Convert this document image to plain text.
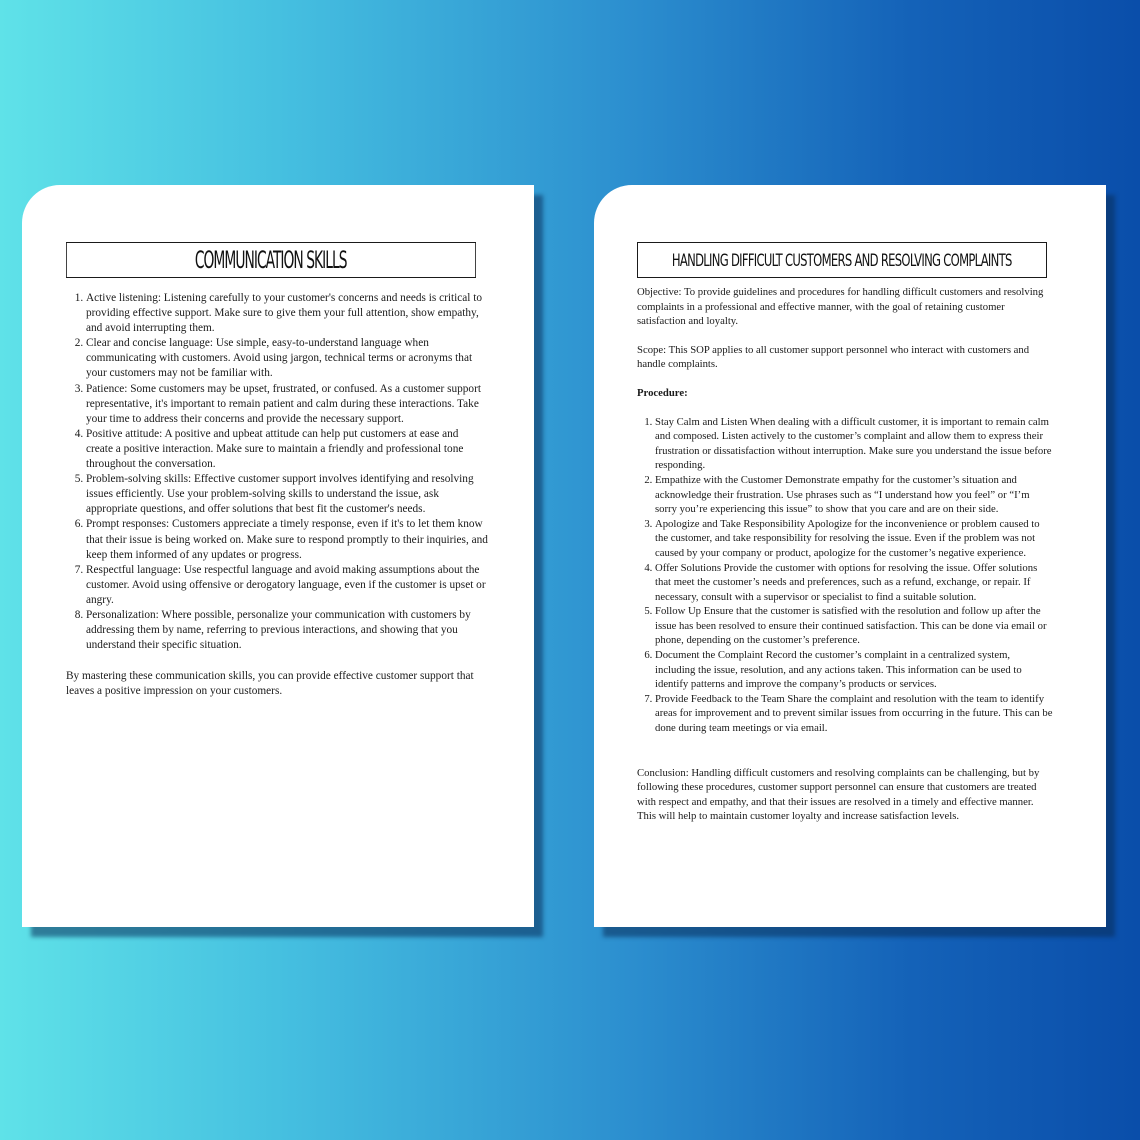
COMMUNICATION SKILLS
1. Active listening: Listening carefully to your customer's concerns and needs is critical to providing effective support. Make sure to give them your full attention, show empathy, and avoid interrupting them.
2. Clear and concise language: Use simple, easy-to-understand language when communicating with customers. Avoid using jargon, technical terms or acronyms that your customers may not be familiar with.
3. Patience: Some customers may be upset, frustrated, or confused. As a customer support representative, it's important to remain patient and calm during these interactions. Take your time to address their concerns and provide the necessary support.
4. Positive attitude: A positive and upbeat attitude can help put customers at ease and create a positive interaction. Make sure to maintain a friendly and professional tone throughout the conversation.
5. Problem-solving skills: Effective customer support involves identifying and resolving issues efficiently. Use your problem-solving skills to understand the issue, ask appropriate questions, and offer solutions that best fit the customer's needs.
6. Prompt responses: Customers appreciate a timely response, even if it's to let them know that their issue is being worked on. Make sure to respond promptly to their inquiries, and keep them informed of any updates or progress.
7. Respectful language: Use respectful language and avoid making assumptions about the customer. Avoid using offensive or derogatory language, even if the customer is upset or angry.
8. Personalization: Where possible, personalize your communication with customers by addressing them by name, referring to previous interactions, and showing that you understand their specific situation.

By mastering these communication skills, you can provide effective customer support that leaves a positive impression on your customers.

HANDLING DIFFICULT CUSTOMERS AND RESOLVING COMPLAINTS

Objective: To provide guidelines and procedures for handling difficult customers and resolving complaints in a professional and effective manner, with the goal of retaining customer satisfaction and loyalty.

Scope: This SOP applies to all customer support personnel who interact with customers and handle complaints.

Procedure:

1. Stay Calm and Listen When dealing with a difficult customer, it is important to remain calm and composed. Listen actively to the customer’s complaint and allow them to express their frustration or dissatisfaction without interruption. Make sure you understand the issue before responding.
2. Empathize with the Customer Demonstrate empathy for the customer’s situation and acknowledge their frustration. Use phrases such as “I understand how you feel” or “I’m sorry you’re experiencing this issue” to show that you care and are on their side.
3. Apologize and Take Responsibility Apologize for the inconvenience or problem caused to the customer, and take responsibility for resolving the issue. Even if the problem was not caused by your company or product, apologize for the customer’s negative experience.
4. Offer Solutions Provide the customer with options for resolving the issue. Offer solutions that meet the customer’s needs and preferences, such as a refund, exchange, or repair. If necessary, consult with a supervisor or specialist to find a suitable solution.
5. Follow Up Ensure that the customer is satisfied with the resolution and follow up after the issue has been resolved to ensure their continued satisfaction. This can be done via email or phone, depending on the customer’s preference.
6. Document the Complaint Record the customer’s complaint in a centralized system, including the issue, resolution, and any actions taken. This information can be used to identify patterns and improve the company’s products or services.
7. Provide Feedback to the Team Share the complaint and resolution with the team to identify areas for improvement and to prevent similar issues from occurring in the future. This can be done during team meetings or via email.

Conclusion: Handling difficult customers and resolving complaints can be challenging, but by following these procedures, customer support personnel can ensure that customers are treated with respect and empathy, and that their issues are resolved in a timely and effective manner. This will help to maintain customer loyalty and increase satisfaction levels.
